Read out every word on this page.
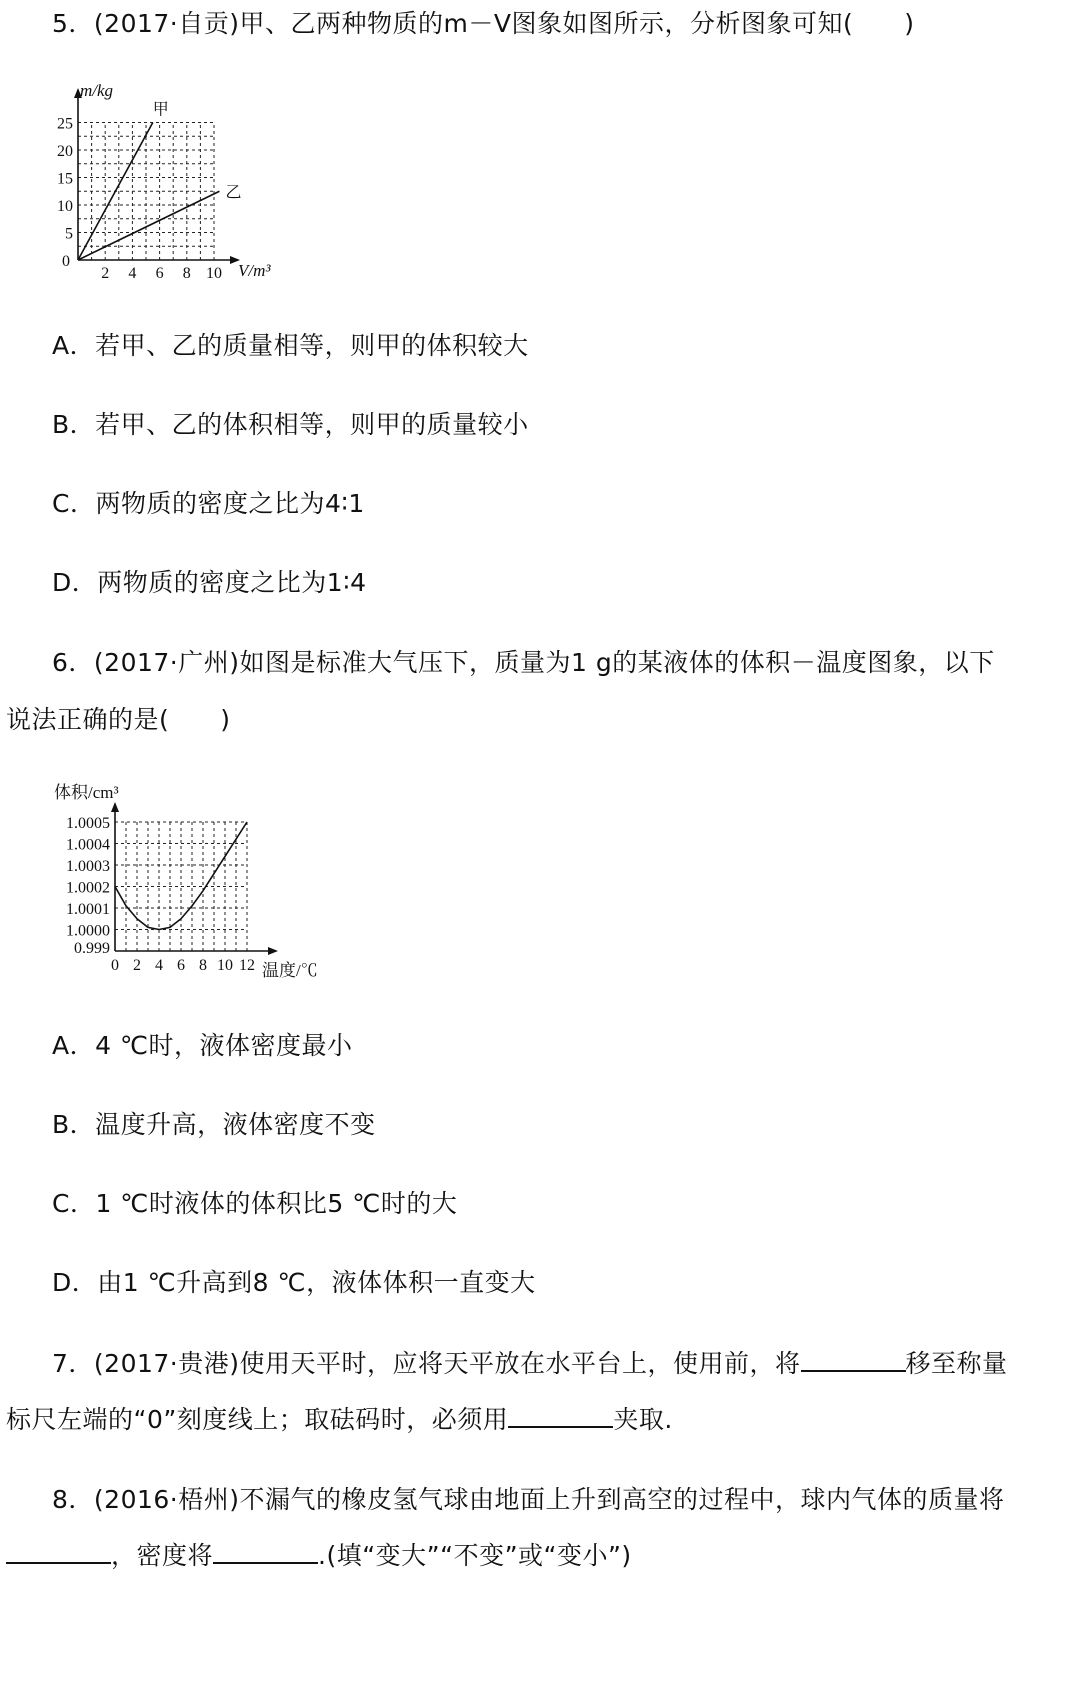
5．(2017·自贡)甲、乙两种物质的m－V图象如图所示，分析图象可知(　　)
2 4 6 8 10
5
10
15
20
25
甲
乙
m/kg
V/m³
0
A．若甲、乙的质量相等，则甲的体积较大
B．若甲、乙的体积相等，则甲的质量较小
C．两物质的密度之比为4∶1
D．两物质的密度之比为1∶4
6．(2017·广州)如图是标准大气压下，质量为1 g的某液体的体积－温度图象，以下
说法正确的是(　　)
0 2 4 6 8 10 12
0.999
1.0000
1.0001
1.0002
1.0003
1.0004
1.0005
体积/cm³
温度/℃
A．4 ℃时，液体密度最小
B．温度升高，液体密度不变
C．1 ℃时液体的体积比5 ℃时的大
D．由1 ℃升高到8 ℃，液体体积一直变大
7．(2017·贵港)使用天平时，应将天平放在水平台上，使用前，将	移至称量
标尺左端的“0”刻度线上；取砝码时，必须用	夹取.
8．(2016·梧州)不漏气的橡皮氢气球由地面上升到高空的过程中，球内气体的质量将
，密度将	.(填“变大”“不变”或“变小”)
